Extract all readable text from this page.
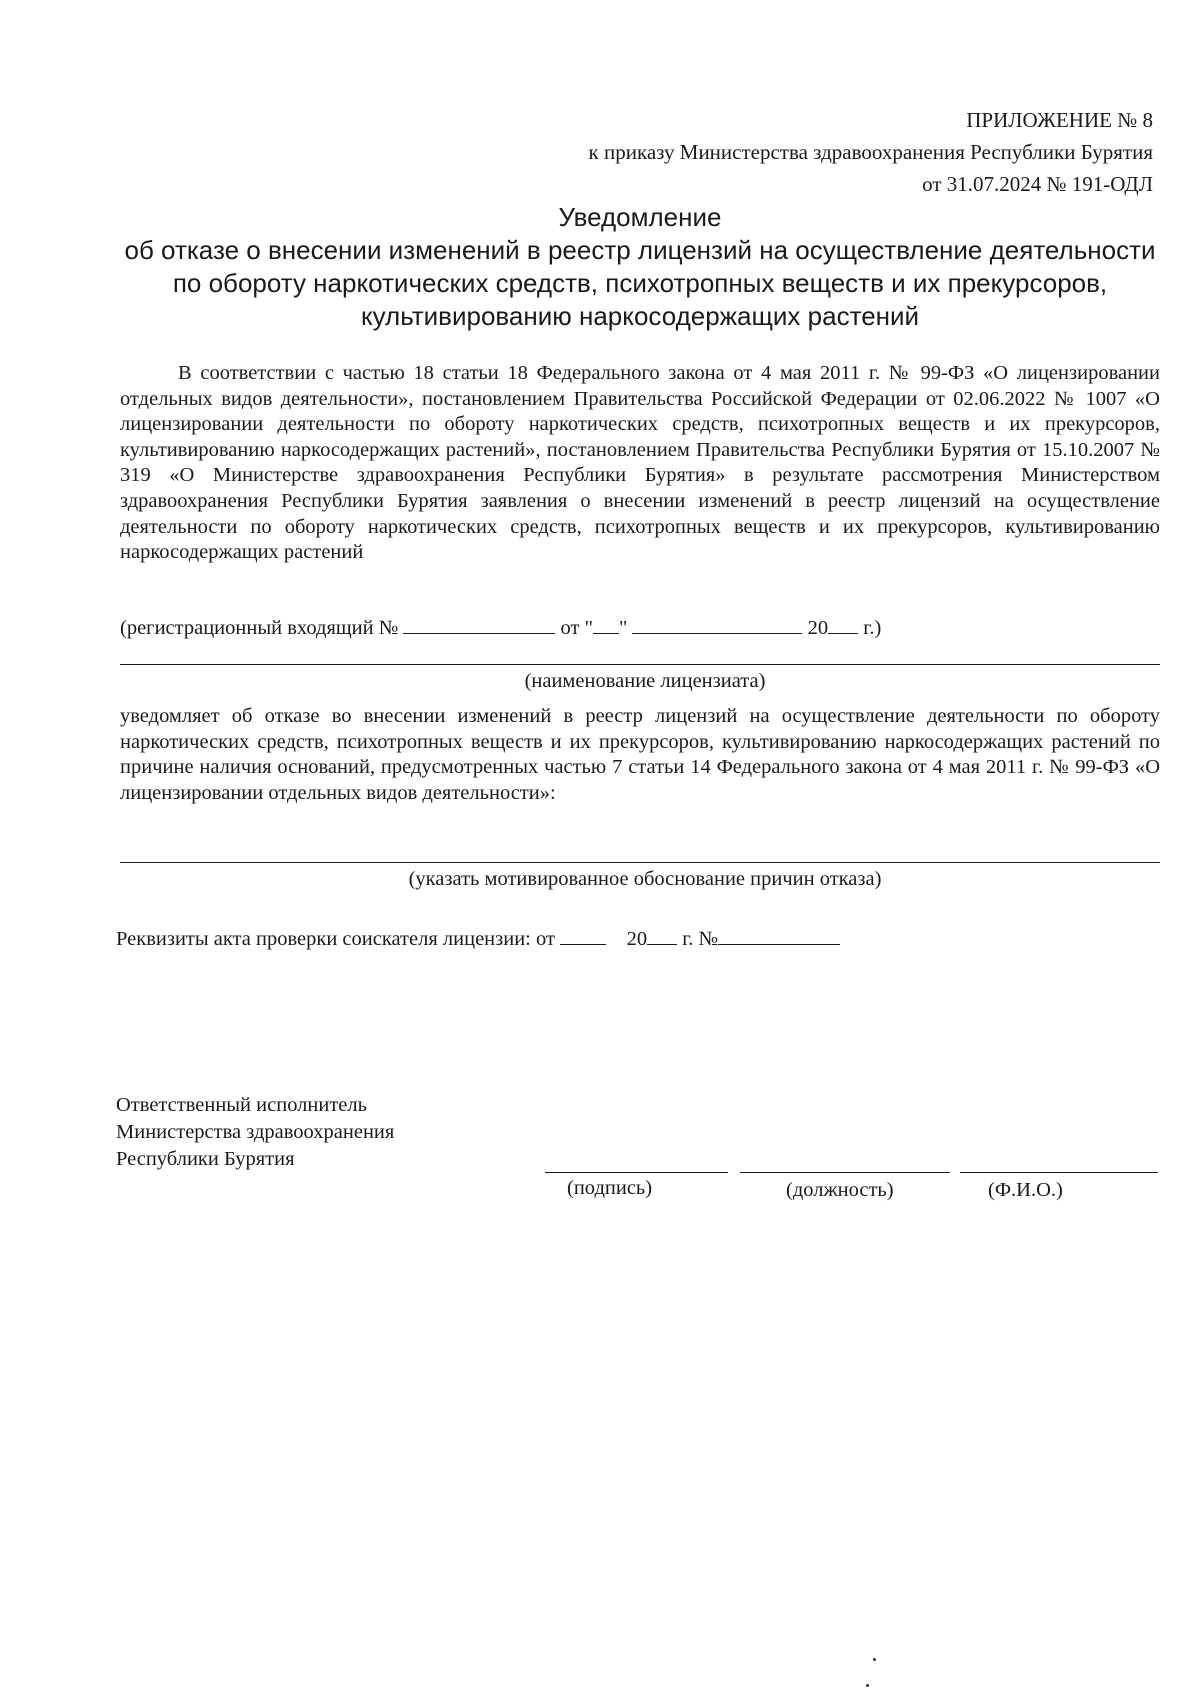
ПРИЛОЖЕНИЕ № 8
к приказу Министерства здравоохранения Республики Бурятия
от 31.07.2024 № 191-ОДЛ
Уведомление
об отказе о внесении изменений в реестр лицензий на осуществление деятельности
по обороту наркотических средств, психотропных веществ и их прекурсоров,
культивированию наркосодержащих растений

В соответствии с частью 18 статьи 18 Федерального закона от 4 мая 2011 г. № 99-ФЗ «О лицензировании отдельных видов деятельности», постановлением Правительства Российской Федерации от 02.06.2022 № 1007 «О лицензировании деятельности по обороту наркотических средств, психотропных веществ и их прекурсоров, культивированию наркосодержащих растений», постановлением Правительства Республики Бурятия от 15.10.2007 № 319 «О Министерстве здравоохранения Республики Бурятия» в результате рассмотрения Министерством здравоохранения Республики Бурятия заявления о внесении изменений в реестр лицензий на осуществление деятельности по обороту наркотических средств, психотропных веществ и их прекурсоров, культивированию наркосодержащих растений

(регистрационный входящий №	от " "	20 г.)
(наименование лицензиата)

уведомляет об отказе во внесении изменений в реестр лицензий на осуществление деятельности по обороту наркотических средств, психотропных веществ и их прекурсоров, культивированию наркосодержащих растений по причине наличия оснований, предусмотренных частью 7 статьи 14 Федерального закона от 4 мая 2011 г. № 99-ФЗ «О лицензировании отдельных видов деятельности»:

(указать мотивированное обоснование причин отказа)
Реквизиты акта проверки соискателя лицензии: от	20 г. №
Ответственный исполнитель
Министерства здравоохранения
Республики Бурятия
(подпись)	(должность)	(Ф.И.О.)
